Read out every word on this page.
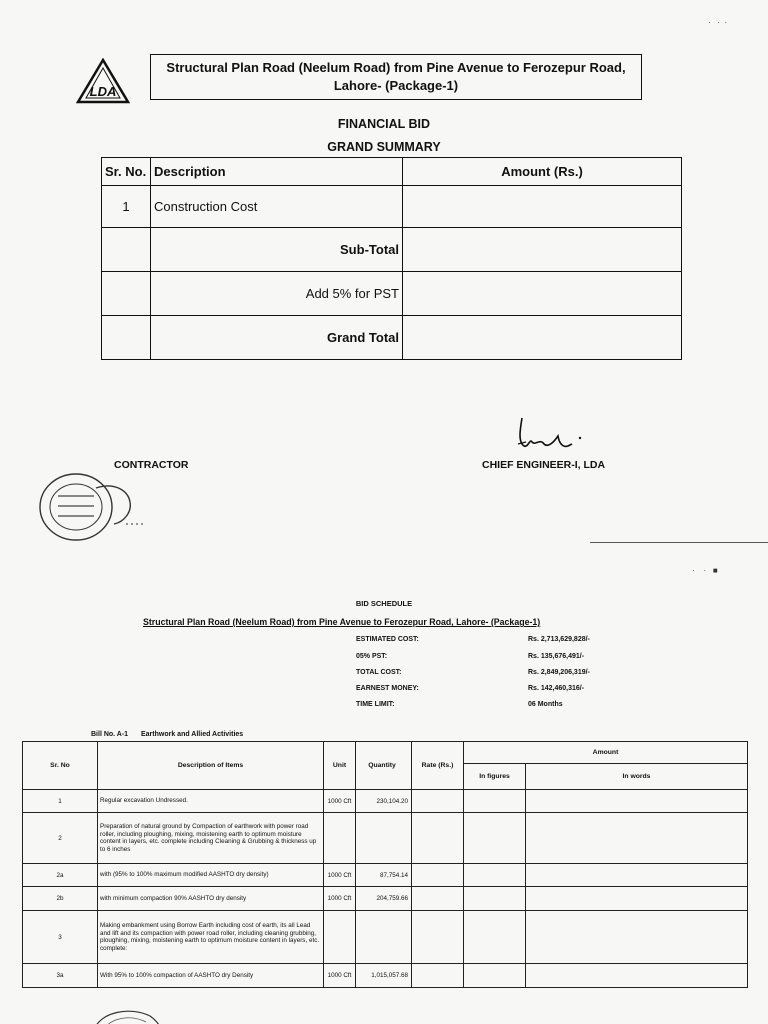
LDA
Structural Plan Road (Neelum Road) from Pine Avenue to Ferozepur Road,
Lahore- (Package-1)
FINANCIAL BID
GRAND SUMMARY
Sr. No.	Description	Amount (Rs.)
1	Construction Cost	
	Sub-Total	
	Add 5% for PST	
	Grand Total	
CONTRACTOR	CHIEF ENGINEER-I, LDA
·   ·  ·
·    ·   ■
BID SCHEDULE
Structural Plan Road (Neelum Road) from Pine Avenue to Ferozepur Road, Lahore- (Package-1)
ESTIMATED COST:	Rs. 2,713,629,828/-
05% PST:	Rs. 135,676,491/-
TOTAL COST:	Rs. 2,849,206,319/-
EARNEST MONEY:	Rs. 142,460,316/-
TIME LIMIT:	06 Months
Bill No. A-1 Earthwork and Allied Activities
Sr. No	Description of Items	Unit	Quantity	Rate (Rs.)	Amount	
					In figures	In words
1	Regular excavation Undressed.	1000 Cft	230,104.20			
2	Preparation of natural ground by Compaction of earthwork with power road roller, including ploughing, mixing, moistening earth to optimum moisture content in layers, etc. complete including Cleaning & Grubbing & thickness up to 6 inches					
2a	with (95% to 100% maximum modified AASHTO dry density)	1000 Cft	87,754.14			
2b	with minimum compaction 90% AASHTO dry density	1000 Cft	204,759.66			
3	Making embankment using Borrow Earth including cost of earth, its all Lead and lift and its compaction with power road roller, including cleaning grubbing, ploughing, mixing, moistening earth to optimum moisture content in layers, etc. complete:					
3a	With 95% to 100% compaction of AASHTO dry Density	1000 Cft	1,015,057.68			
